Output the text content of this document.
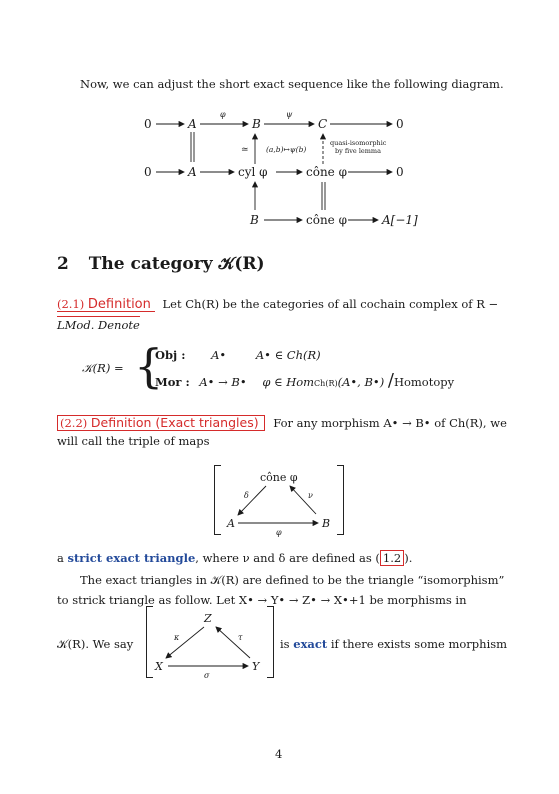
Now, we can adjust the short exact sequence like the following diagram.
0	A
φ
B
ψ
C	0
≃ (a,b)↦ψ(b)
quasi-isomorphic
by five lemma
0	A	cyl φ	cône φ	0
B	cône φ	A[−1]
2 The category 𝒦(R)
(2.1) Definition Let Ch(R) be the categories of all cochain complex of R −
LMod. Denote
𝒦(R) = {
Obj : A•	A• ∈ Ch(R)
Mor : A• → B• φ ∈ HomCh(R)(A•, B•) /Homotopy
(2.2) Definition (Exact triangles) For any morphism A• → B• of Ch(R), we
will call the triple of maps
cône φ
δ	ν
A	B
φ
a strict exact triangle, where ν and δ are defined as ( 1.2 ).
The exact triangles in 𝒦(R) are defined to be the triangle “isomorphism”
to strick triangle as follow. Let X• → Y• → Z• → X•+1 be morphisms in
𝒦(R). We say
Z
κ	τ
X	Y
σ
is exact if there exists some morphism
4
